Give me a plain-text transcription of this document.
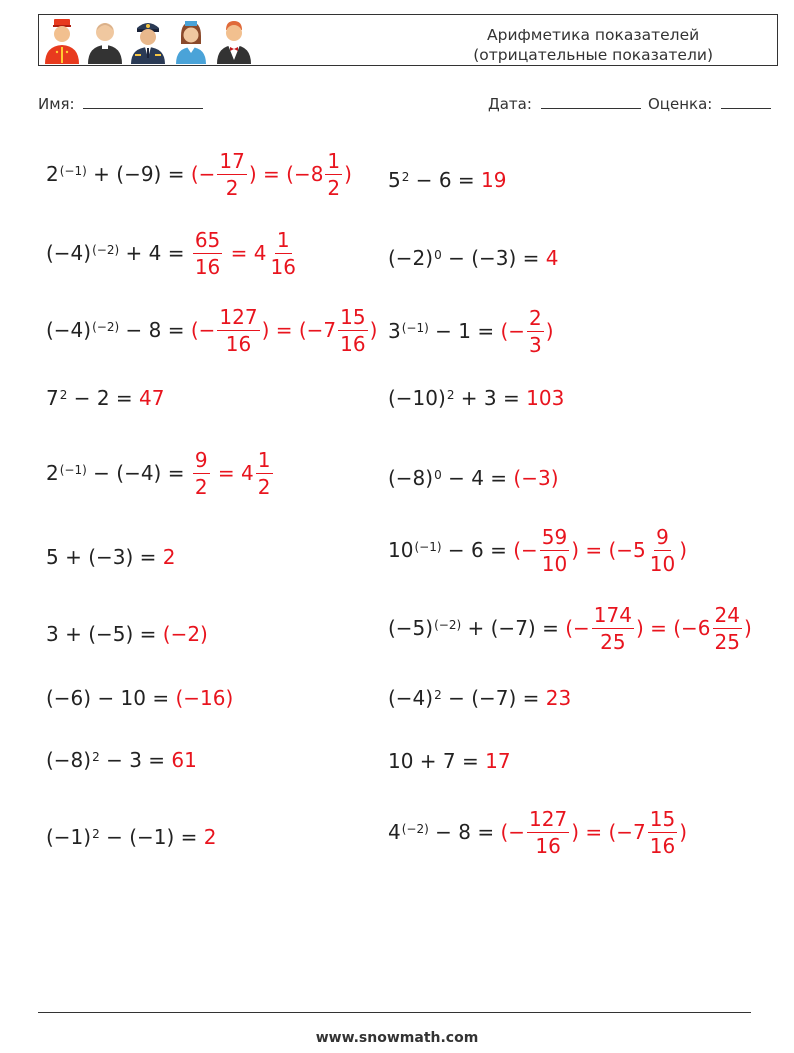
Арифметика показателей
(отрицательные показатели)
Имя:	Дата:	Оценка:
$2^{(-1)} + (-9)$ = (− $\frac{17}{2}$ ) = ($-8 \frac{1}{2}$ )
$(-4)^{(-2)} + 4 = \frac{65}{16} = 4 \frac{1}{16}$
$(-4)^{(-2)} - 8$ = (− $\frac{127}{16}$ ) = ($-7 \frac{15}{16}$ )
$7^2 - 2 = 47$
$2^{(-1)} - (-4) = \frac{9}{2} = 4 \frac{1}{2}$
5 + (−3) = 2
3 + (−5) = (−2)
(−6) − 10 = (−16)
$(-8)^2 - 3 = 61$
$(-1)^2 - (-1) = 2$
$5^2 - 6 = 19$
$(-2)^0 - (-3) = 4$
$3^{(-1)} - 1$ = (− $\frac{2}{3}$ )
$(-10)^2 + 3 = 103$
$(-8)^0 - 4 = (-3)$
$10^{(-1)} - 6$ = (− $\frac{59}{10}$ ) = ($-5 \frac{9}{10}$ )
$(-5)^{(-2)} + (-7)$ = (− $\frac{174}{25}$ ) = ($-6 \frac{24}{25}$ )
$(-4)^2 - (-7) = 23$
10 + 7 = 17
$4^{(-2)} - 8$ = (− $\frac{127}{16}$ ) = ($-7 \frac{15}{16}$ )
www.snowmath.com
